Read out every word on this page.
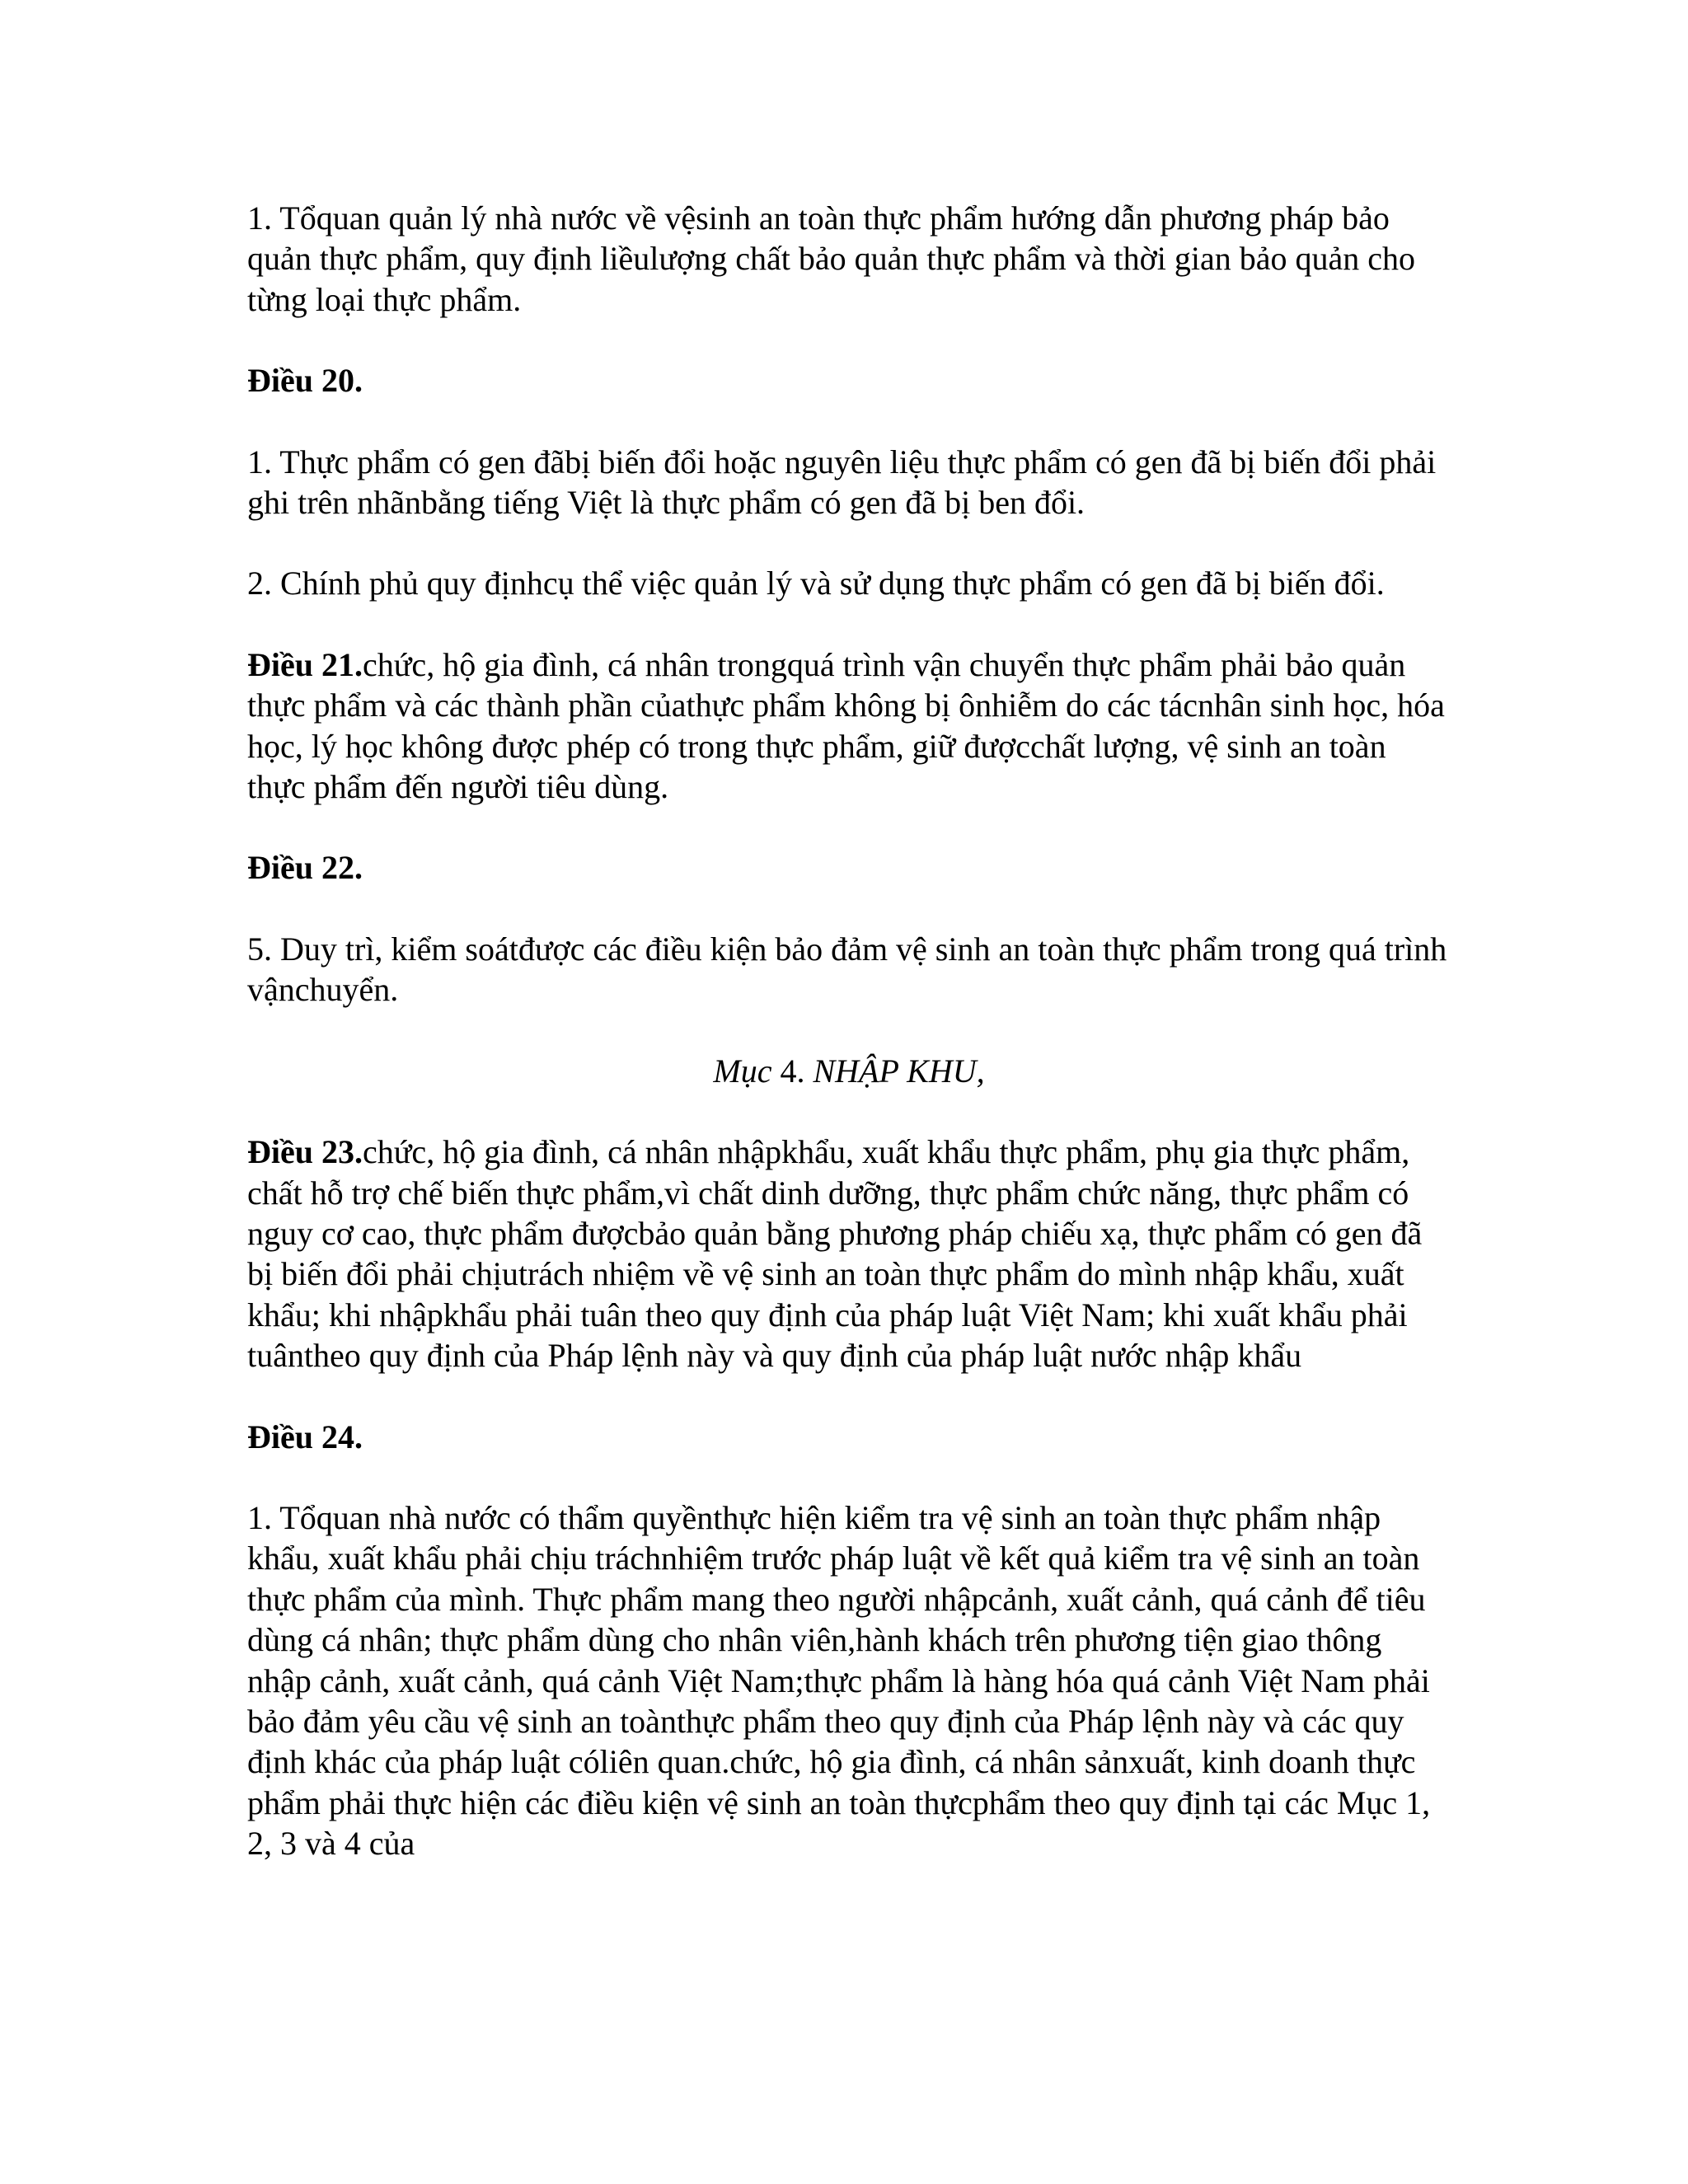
1. Tổquan quản lý nhà nước về vệsinh an toàn thực phẩm hướng dẫn phương pháp bảo quản thực phẩm, quy định liềulượng chất bảo quản thực phẩm và thời gian bảo quản cho từng loại thực phẩm.

Điều 20.

1. Thực phẩm có gen đãbị biến đổi hoặc nguyên liệu thực phẩm có gen đã bị biến đổi phải ghi trên nhãnbằng tiếng Việt là thực phẩm có gen đã bị ben đổi.

2. Chính phủ quy địnhcụ thể việc quản lý và sử dụng thực phẩm có gen đã bị biến đổi.

Điều 21.chức, hộ gia đình, cá nhân trongquá trình vận chuyển thực phẩm phải bảo quản thực phẩm và các thành phần củathực phẩm không bị ônhiễm do các tácnhân sinh học, hóa học, lý học không được phép có trong thực phẩm, giữ đượcchất lượng, vệ sinh an toàn thực phẩm đến người tiêu dùng.

Điều 22.

5. Duy trì, kiểm soátđược các điều kiện bảo đảm vệ sinh an toàn thực phẩm trong quá trình vậnchuyển.

Mục 4. NHẬP KHU,

Điều 23.chức, hộ gia đình, cá nhân nhậpkhẩu, xuất khẩu thực phẩm, phụ gia thực phẩm, chất hỗ trợ chế biến thực phẩm,vì chất dinh dưỡng, thực phẩm chức năng, thực phẩm có nguy cơ cao, thực phẩm đượcbảo quản bằng phương pháp chiếu xạ, thực phẩm có gen đã bị biến đổi phải chịutrách nhiệm về vệ sinh an toàn thực phẩm do mình nhập khẩu, xuất khẩu; khi nhậpkhẩu phải tuân theo quy định của pháp luật Việt Nam; khi xuất khẩu phải tuântheo quy định của Pháp lệnh này và quy định của pháp luật nước nhập khẩu

Điều 24.

1. Tổquan nhà nước có thẩm quyềnthực hiện kiểm tra vệ sinh an toàn thực phẩm nhập khẩu, xuất khẩu phải chịu tráchnhiệm trước pháp luật về kết quả kiểm tra vệ sinh an toàn thực phẩm của mình. Thực phẩm mang theo người nhậpcảnh, xuất cảnh, quá cảnh để tiêu dùng cá nhân; thực phẩm dùng cho nhân viên,hành khách trên phương tiện giao thông nhập cảnh, xuất cảnh, quá cảnh Việt Nam;thực phẩm là hàng hóa quá cảnh Việt Nam phải bảo đảm yêu cầu vệ sinh an toànthực phẩm theo quy định của Pháp lệnh này và các quy định khác của pháp luật cóliên quan.chức, hộ gia đình, cá nhân sảnxuất, kinh doanh thực phẩm phải thực hiện các điều kiện vệ sinh an toàn thựcphẩm theo quy định tại các Mục 1, 2, 3 và 4 của
